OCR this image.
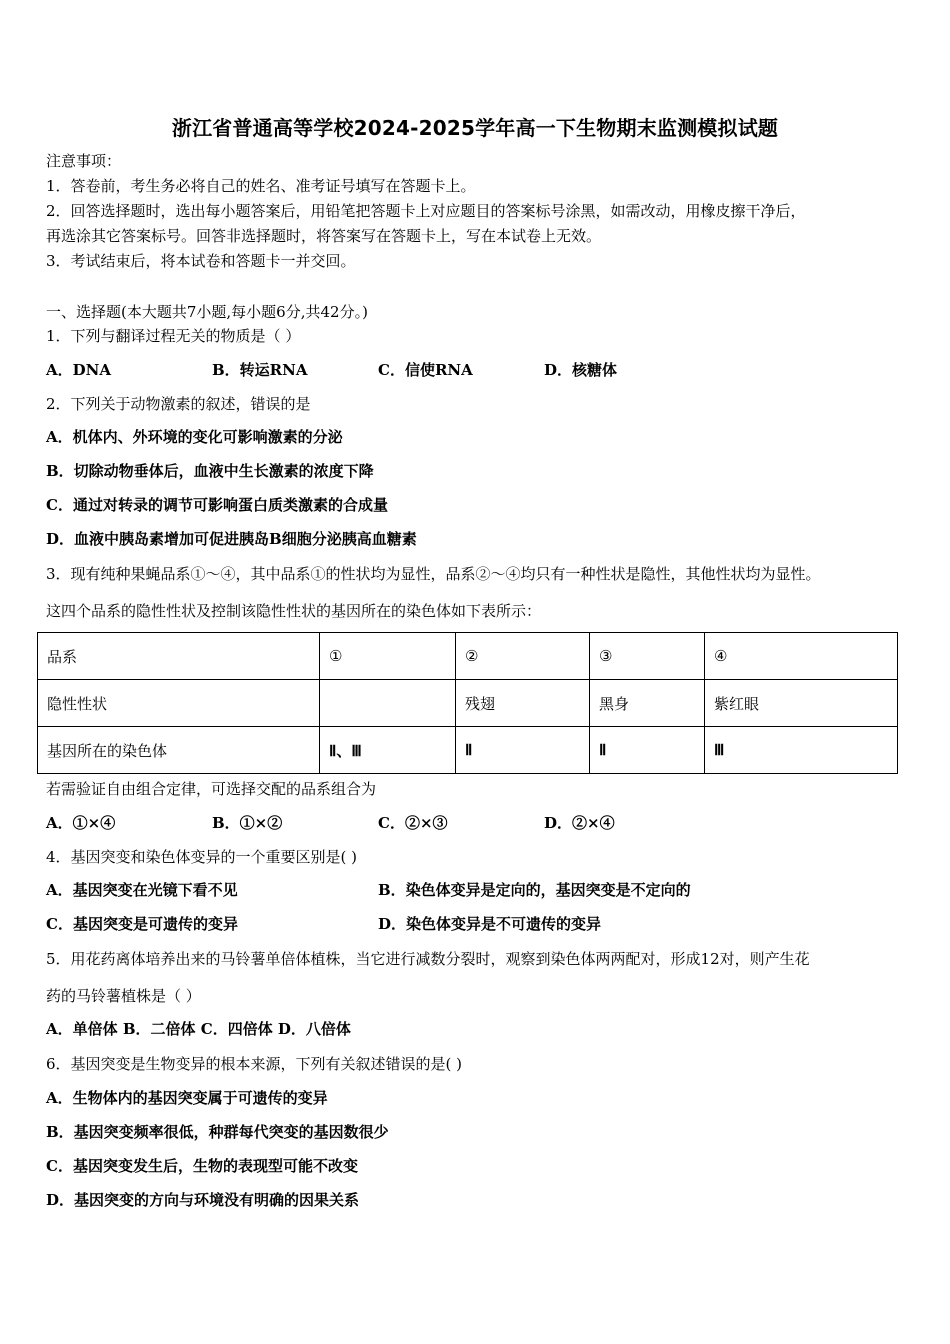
浙江省普通高等学校2024-2025学年高一下生物期末监测模拟试题
注意事项：
1．答卷前，考生务必将自己的姓名、准考证号填写在答题卡上。
2．回答选择题时，选出每小题答案后，用铅笔把答题卡上对应题目的答案标号涂黑，如需改动，用橡皮擦干净后，
再选涂其它答案标号。回答非选择题时，将答案写在答题卡上，写在本试卷上无效。
3．考试结束后，将本试卷和答题卡一并交回。
一、选择题(本大题共7小题,每小题6分,共42分。)
1．下列与翻译过程无关的物质是（ ）
A．DNA	B．转运RNA	C．信使RNA	D．核糖体
2．下列关于动物激素的叙述，错误的是
A．机体内、外环境的变化可影响激素的分泌
B．切除动物垂体后，血液中生长激素的浓度下降
C．通过对转录的调节可影响蛋白质类激素的合成量
D．血液中胰岛素增加可促进胰岛B细胞分泌胰高血糖素
3．现有纯种果蝇品系①～④，其中品系①的性状均为显性，品系②～④均只有一种性状是隐性，其他性状均为显性。
这四个品系的隐性性状及控制该隐性性状的基因所在的染色体如下表所示：
品系	①	②	③	④
隐性性状		残翅	黑身	紫红眼
基因所在的染色体	Ⅱ、Ⅲ	Ⅱ	Ⅱ	Ⅲ
若需验证自由组合定律，可选择交配的品系组合为
A．①×④	B．①×②	C．②×③	D．②×④
4．基因突变和染色体变异的一个重要区别是( )
A．基因突变在光镜下看不见	B．染色体变异是定向的，基因突变是不定向的
C．基因突变是可遗传的变异	D．染色体变异是不可遗传的变异
5．用花药离体培养出来的马铃薯单倍体植株，当它进行减数分裂时，观察到染色体两两配对，形成12对，则产生花
药的马铃薯植株是（ ）
A．单倍体 B．二倍体 C．四倍体 D．八倍体
6．基因突变是生物变异的根本来源，下列有关叙述错误的是( )
A．生物体内的基因突变属于可遗传的变异
B．基因突变频率很低，种群每代突变的基因数很少
C．基因突变发生后，生物的表现型可能不改变
D．基因突变的方向与环境没有明确的因果关系
